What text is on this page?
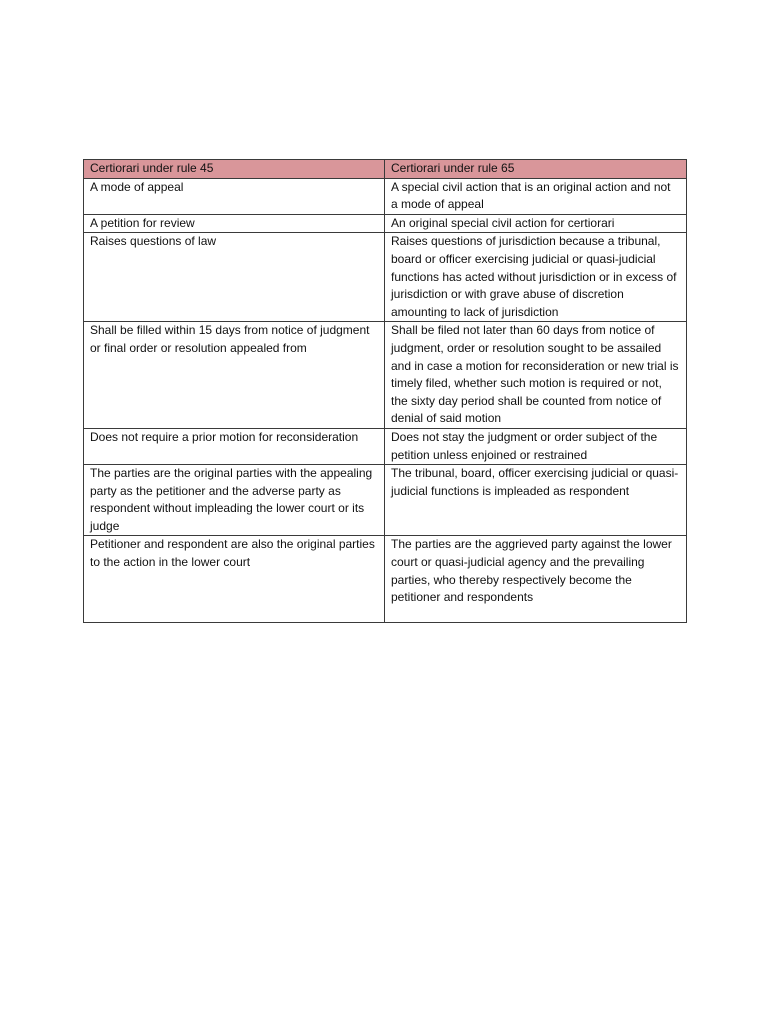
Certiorari under rule 45	Certiorari under rule 65
A mode of appeal	A special civil action that is an original action and not a mode of appeal
A petition for review	An original special civil action for certiorari
Raises questions of law	Raises questions of jurisdiction because a tribunal, board or officer exercising judicial or quasi-judicial functions has acted without jurisdiction or in excess of jurisdiction or with grave abuse of discretion amounting to lack of jurisdiction
Shall be filled within 15 days from notice of judgment or final order or resolution appealed from	Shall be filed not later than 60 days from notice of judgment, order or resolution sought to be assailed and in case a motion for reconsideration or new trial is timely filed, whether such motion is required or not, the sixty day period shall be counted from notice of denial of said motion
Does not require a prior motion for reconsideration	Does not stay the judgment or order subject of the petition unless enjoined or restrained
The parties are the original parties with the appealing party as the petitioner and the adverse party as respondent without impleading the lower court or its judge	The tribunal, board, officer exercising judicial or quasi-judicial functions is impleaded as respondent
Petitioner and respondent are also the original parties to the action in the lower court	The parties are the aggrieved party against the lower court or quasi-judicial agency and the prevailing parties, who thereby respectively become the petitioner and respondents
